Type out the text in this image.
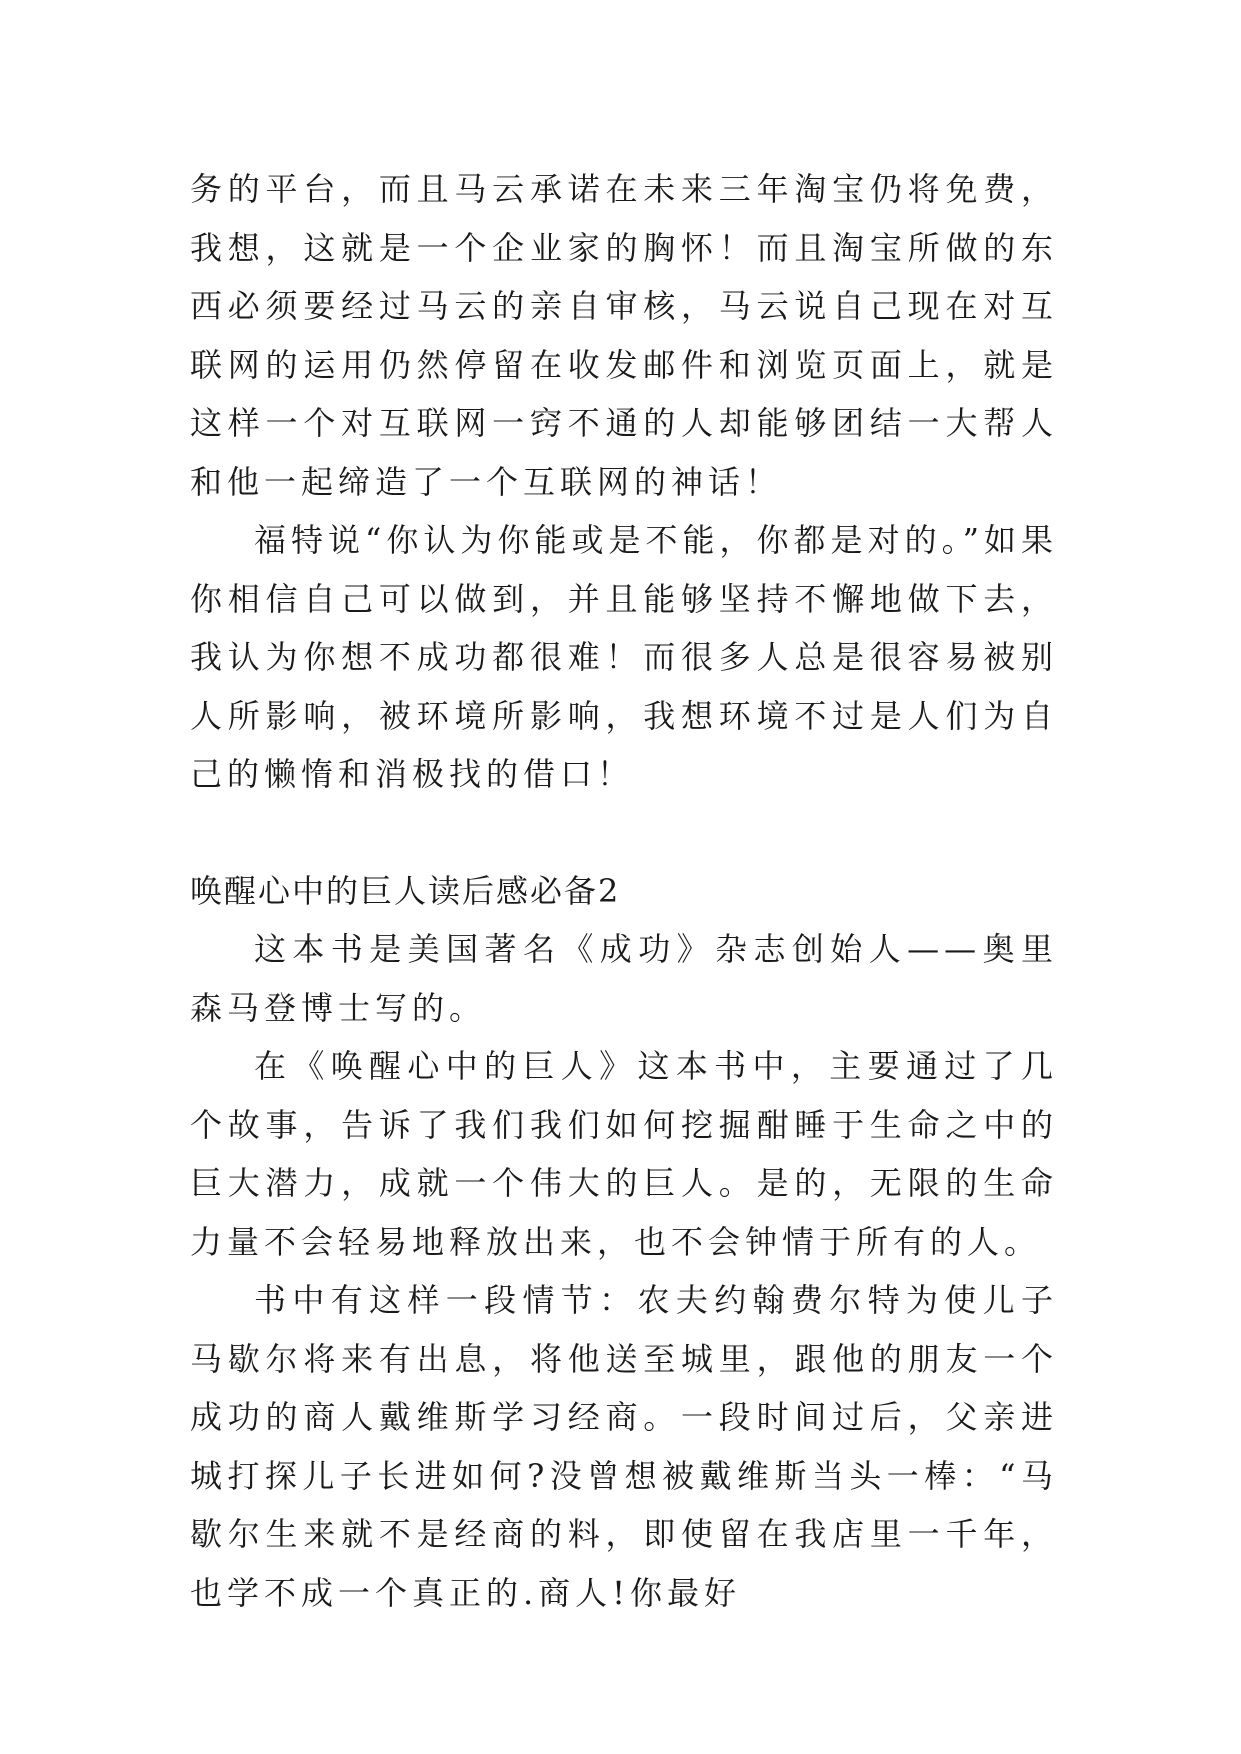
务的平台，而且马云承诺在未来三年淘宝仍将免费，我想，这就是一个企业家的胸怀！而且淘宝所做的东西必须要经过马云的亲自审核，马云说自己现在对互联网的运用仍然停留在收发邮件和浏览页面上，就是这样一个对互联网一窍不通的人却能够团结一大帮人和他一起缔造了一个互联网的神话！

福特说“你认为你能或是不能，你都是对的。”如果你相信自己可以做到，并且能够坚持不懈地做下去，我认为你想不成功都很难！而很多人总是很容易被别人所影响，被环境所影响，我想环境不过是人们为自己的懒惰和消极找的借口！

唤醒心中的巨人读后感必备2

这本书是美国著名《成功》杂志创始人——奥里森马登博士写的。

在《唤醒心中的巨人》这本书中，主要通过了几个故事，告诉了我们我们如何挖掘酣睡于生命之中的巨大潜力，成就一个伟大的巨人。是的，无限的生命力量不会轻易地释放出来，也不会钟情于所有的人。

书中有这样一段情节：农夫约翰费尔特为使儿子马歇尔将来有出息，将他送至城里，跟他的朋友一个成功的商人戴维斯学习经商。一段时间过后，父亲进城打探儿子长进如何?没曾想被戴维斯当头一棒：“马歇尔生来就不是经商的料，即使留在我店里一千年，也学不成一个真正的.商人!你最好
